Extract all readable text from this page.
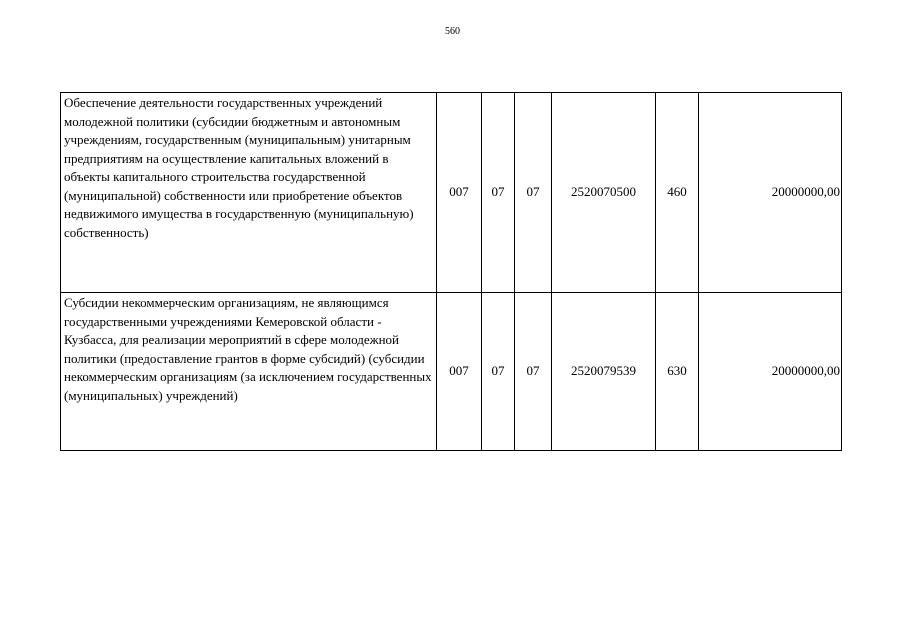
560
Обеспечение деятельности государственных учреждений молодежной политики (субсидии бюджетным и автономным учреждениям, государственным (муниципальным) унитарным предприятиям на осуществление капитальных вложений в объекты капитального строительства государственной (муниципальной) собственности или приобретение объектов недвижимого имущества в государственную (муниципальную) собственность)	007	07	07	2520070500	460	20000000,00
Субсидии некоммерческим организациям, не являющимся государственными учреждениями Кемеровской области - Кузбасса, для реализации мероприятий в сфере молодежной политики (предоставление грантов в форме субсидий) (субсидии некоммерческим организациям (за исключением государственных (муниципальных) учреждений)	007	07	07	2520079539	630	20000000,00
